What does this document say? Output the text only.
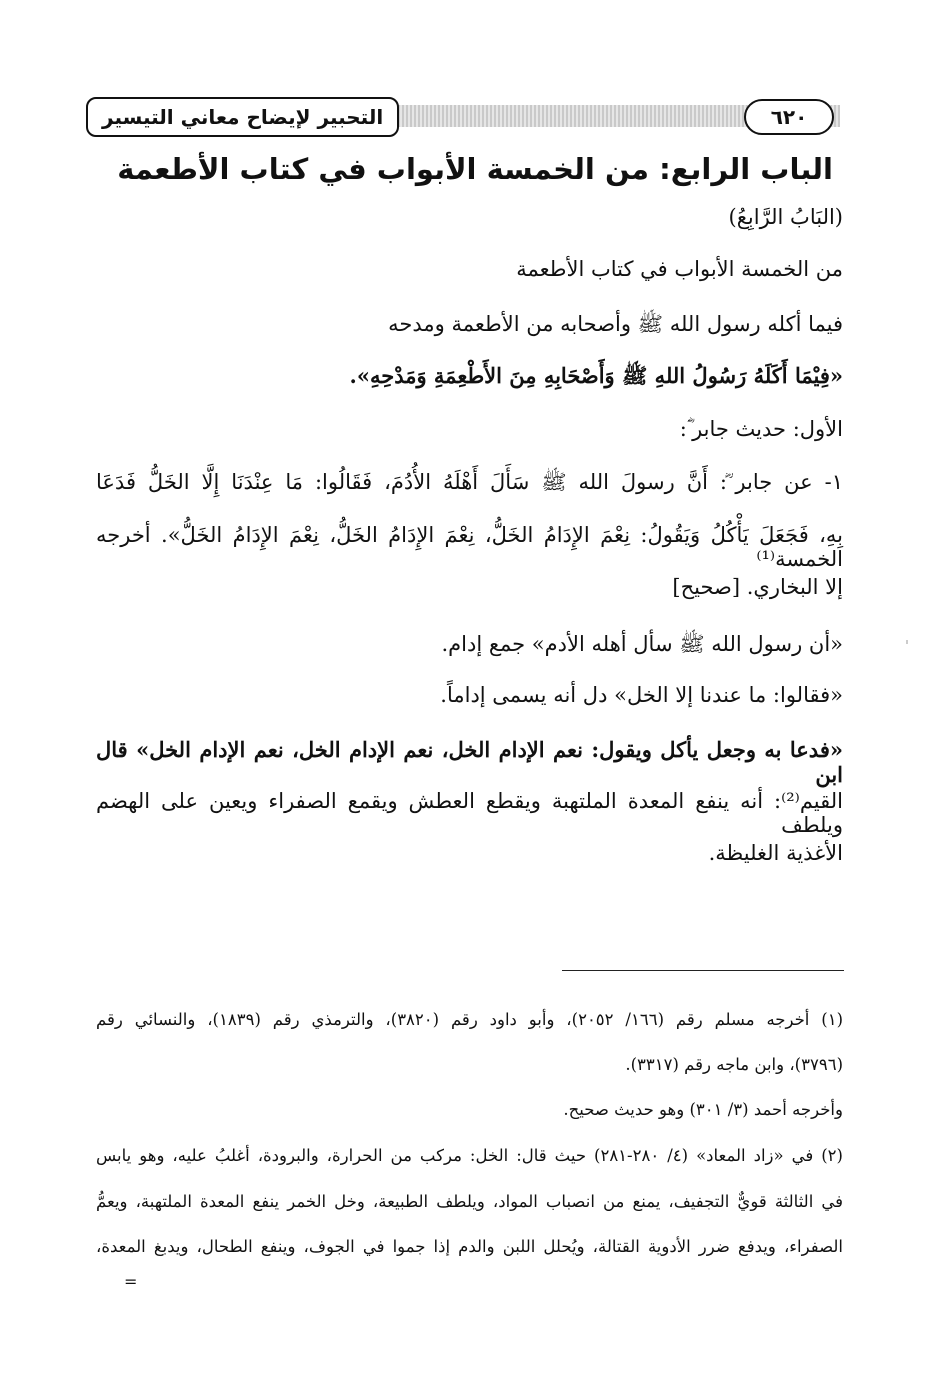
التحبير لإيضاح معاني التيسير	٦٢٠
الباب الرابع: من الخمسة الأبواب في كتاب الأطعمة
(البَابُ الرَّابِعُ)
من الخمسة الأبواب في كتاب الأطعمة
فيما أكله رسول الله ﷺ وأصحابه من الأطعمة ومدحه
«فِيْمَا أَكَلَهُ رَسُولُ اللهِ ﷺ وَأَصْحَابِهِ مِنَ الأَطْعِمَةِ وَمَدْحِهِ».
الأول: حديث جابر ؓ:
١- عن جابر ؓ: أَنَّ رسولَ الله ﷺ سَأَلَ أَهْلَهُ الأُدُمَ، فَقَالُوا: مَا عِنْدَنَا إِلَّا الخَلُّ فَدَعَا
بِهِ، فَجَعَلَ يَأْكُلُ وَيَقُولُ: نِعْمَ الإِدَامُ الخَلُّ، نِعْمَ الإِدَامُ الخَلُّ، نِعْمَ الإِدَامُ الخَلُّ». أخرجه الخمسة⁽¹⁾
إلا البخاري. [صحيح]
«أن رسول الله ﷺ سأل أهله الأدم» جمع إدام.
«فقالوا: ما عندنا إلا الخل» دل أنه يسمى إداماً.
«فدعا به وجعل يأكل ويقول: نعم الإدام الخل، نعم الإدام الخل، نعم الإدام الخل» قال ابن
القيم⁽²⁾: أنه ينفع المعدة الملتهبة ويقطع العطش ويقمع الصفراء ويعين على الهضم ويلطف
الأغذية الغليظة.
(١) أخرجه مسلم رقم (١٦٦/ ٢٠٥٢)، وأبو داود رقم (٣٨٢٠)، والترمذي رقم (١٨٣٩)، والنسائي رقم
(٣٧٩٦)، وابن ماجه رقم (٣٣١٧).
وأخرجه أحمد (٣/ ٣٠١) وهو حديث صحيح.
(٢) في «زاد المعاد» (٤/ ٢٨٠-٢٨١) حيث قال: الخل: مركب من الحرارة، والبرودة، أغلبُ عليه، وهو يابس
في الثالثة قويٌّ التجفيف، يمنع من انصباب المواد، ويلطف الطبيعة، وخل الخمر ينفع المعدة الملتهبة، ويعمُّ
الصفراء، ويدفع ضرر الأدوية القتالة، ويُحلل اللبن والدم إذا جموا في الجوف، وينفع الطحال، ويدبغ المعدة،
=
